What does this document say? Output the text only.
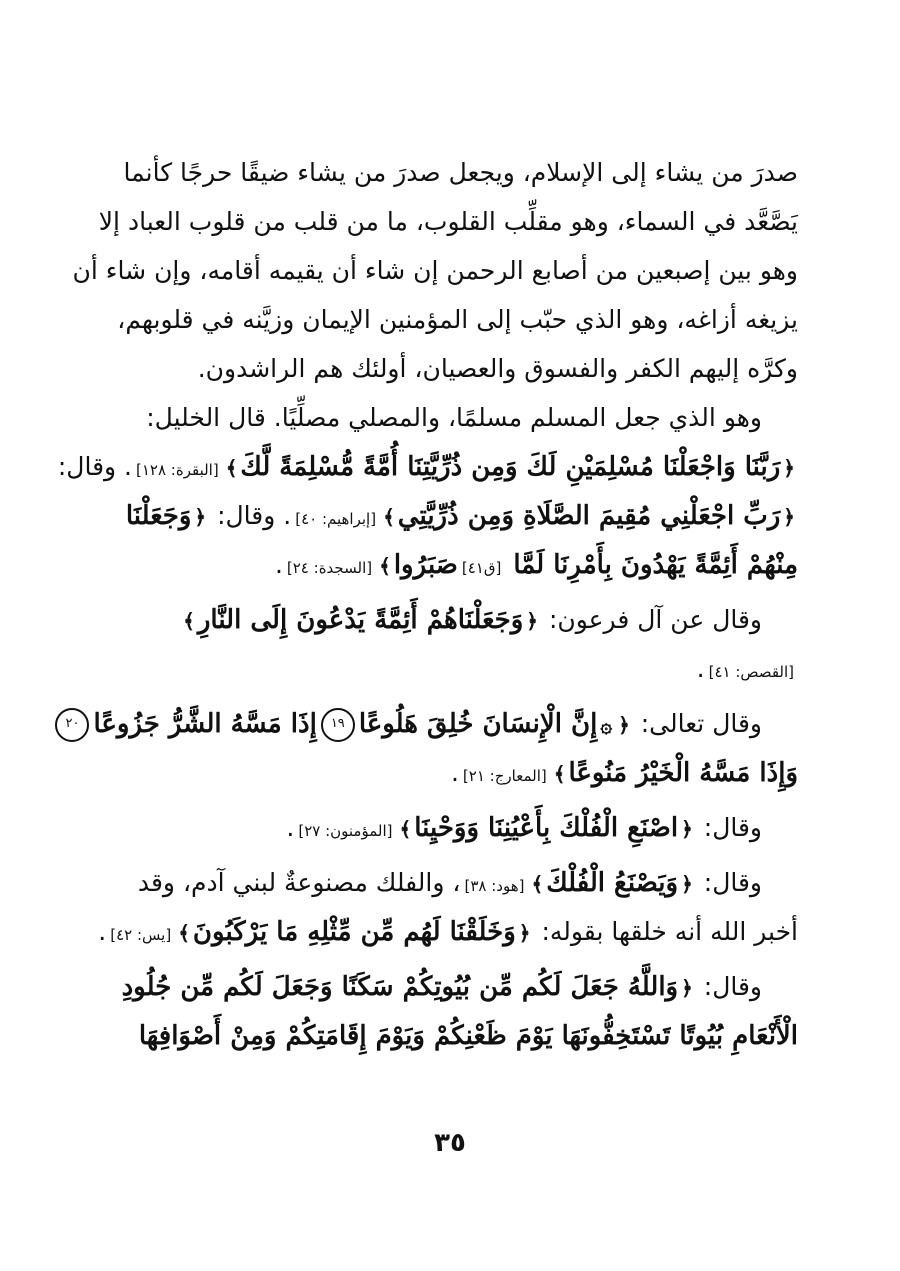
صدرَ من يشاء إلى الإسلام، ويجعل صدرَ من يشاء ضيقًا حرجًا كأنما
يَصَّعَّد في السماء، وهو مقلِّب القلوب، ما من قلب من قلوب العباد إلا
وهو بين إصبعين من أصابع الرحمن إن شاء أن يقيمه أقامه، وإن شاء أن
يزيغه أزاغه، وهو الذي حبّب إلى المؤمنين الإيمان وزيَّنه في قلوبهم،
وكرَّه إليهم الكفر والفسوق والعصيان، أولئك هم الراشدون.
وهو الذي جعل المسلم مسلمًا، والمصلي مصلِّيًا. قال الخليل:
﴿رَبَّنَا وَاجْعَلْنَا مُسْلِمَيْنِ لَكَ وَمِن ذُرِّيَّتِنَا أُمَّةً مُّسْلِمَةً لَّكَ﴾[البقرة: ١٢٨]. وقال:
﴿رَبِّ اجْعَلْنِي مُقِيمَ الصَّلَاةِ وَمِن ذُرِّيَّتِي﴾[إبراهيم: ٤٠]. وقال: ﴿وَجَعَلْنَا
مِنْهُمْ أَئِمَّةً يَهْدُونَ بِأَمْرِنَا لَمَّا [ق٤١]صَبَرُوا﴾[السجدة: ٢٤].
وقال عن آل فرعون: ﴿وَجَعَلْنَاهُمْ أَئِمَّةً يَدْعُونَ إِلَى النَّارِ﴾
[القصص: ٤١].
وقال تعالى: ﴿۞إِنَّ الْإِنسَانَ خُلِقَ هَلُوعًا١٩إِذَا مَسَّهُ الشَّرُّ جَزُوعًا٢٠
وَإِذَا مَسَّهُ الْخَيْرُ مَنُوعًا﴾[المعارج: ٢١].
وقال: ﴿اصْنَعِ الْفُلْكَ بِأَعْيُنِنَا وَوَحْيِنَا﴾[المؤمنون: ٢٧].
وقال: ﴿وَيَصْنَعُ الْفُلْكَ﴾[هود: ٣٨]، والفلك مصنوعةٌ لبني آدم، وقد
أخبر الله أنه خلقها بقوله: ﴿وَخَلَقْنَا لَهُم مِّن مِّثْلِهِ مَا يَرْكَبُونَ﴾[يس: ٤٢].
وقال: ﴿وَاللَّهُ جَعَلَ لَكُم مِّن بُيُوتِكُمْ سَكَنًا وَجَعَلَ لَكُم مِّن جُلُودِ
الْأَنْعَامِ بُيُوتًا تَسْتَخِفُّونَهَا يَوْمَ ظَعْنِكُمْ وَيَوْمَ إِقَامَتِكُمْ وَمِنْ أَصْوَافِهَا
٣٥
